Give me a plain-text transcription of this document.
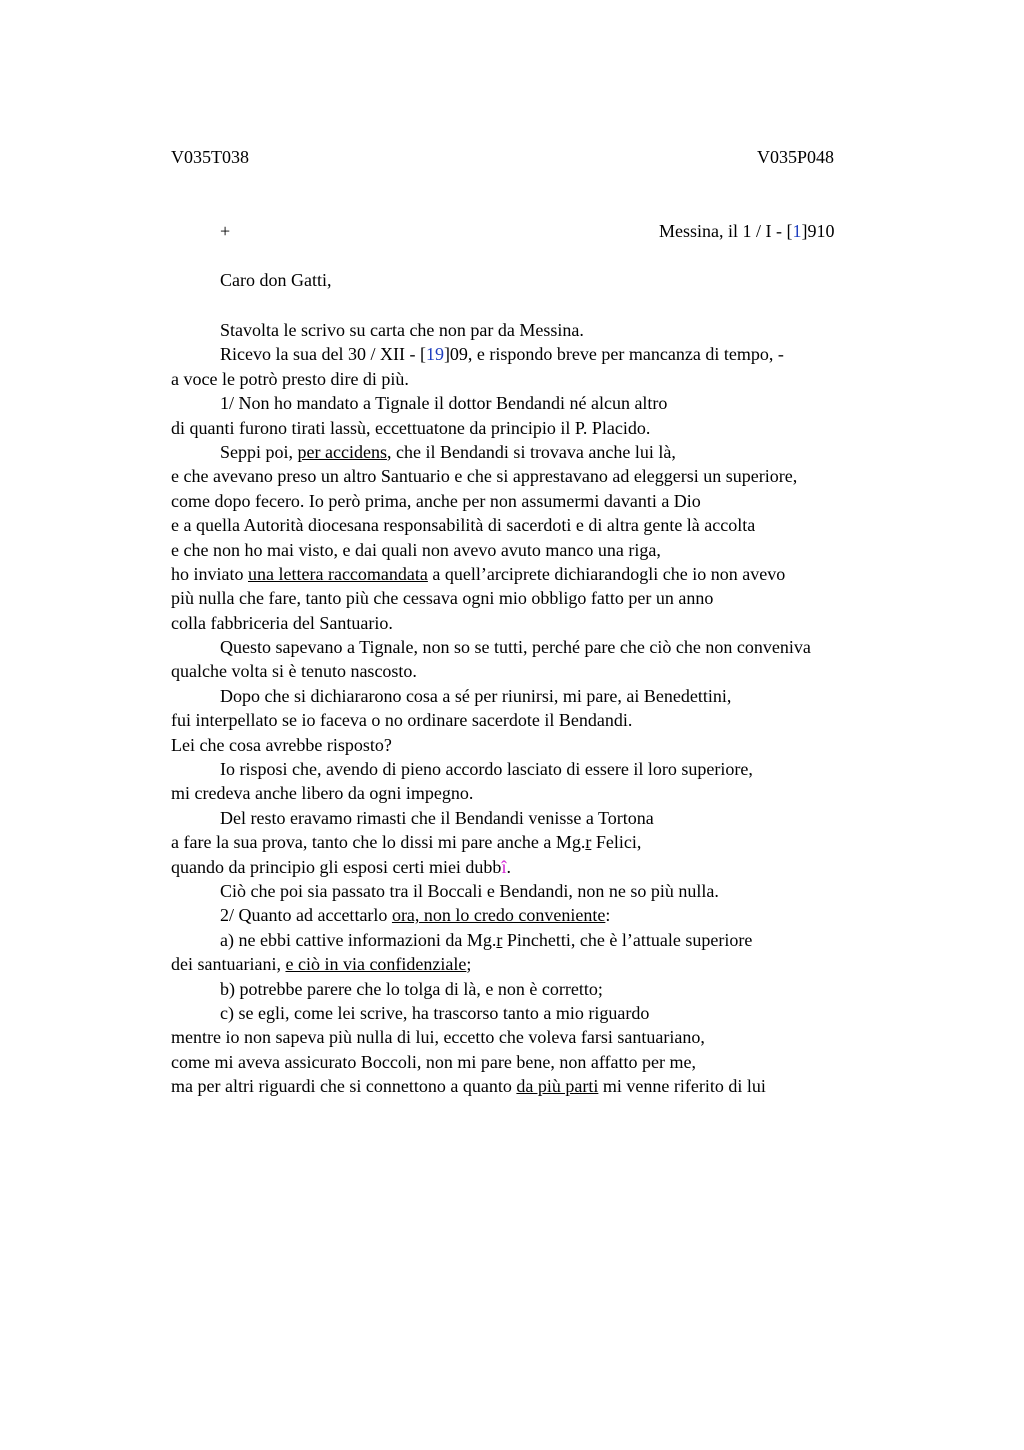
V035T038	V035P048
+	Messina, il 1 / I - [1]910
Caro don Gatti,
Stavolta le scrivo su carta che non par da Messina.
Ricevo la sua del 30 / XII - [19]09, e rispondo breve per mancanza di tempo, -
a voce le potrò presto dire di più.
1/ Non ho mandato a Tignale il dottor Bendandi né alcun altro
di quanti furono tirati lassù, eccettuatone da principio il P. Placido.
Seppi poi, per accidens, che il Bendandi si trovava anche lui là,
e che avevano preso un altro Santuario e che si apprestavano ad eleggersi un superiore,
come dopo fecero. Io però prima, anche per non assumermi davanti a Dio
e a quella Autorità diocesana responsabilità di sacerdoti e di altra gente là accolta
e che non ho mai visto, e dai quali non avevo avuto manco una riga,
ho inviato una lettera raccomandata a quell’arciprete dichiarandogli che io non avevo
più nulla che fare, tanto più che cessava ogni mio obbligo fatto per un anno
colla fabbriceria del Santuario.
Questo sapevano a Tignale, non so se tutti, perché pare che ciò che non conveniva
qualche volta si è tenuto nascosto.
Dopo che si dichiararono cosa a sé per riunirsi, mi pare, ai Benedettini,
fui interpellato se io faceva o no ordinare sacerdote il Bendandi.
Lei che cosa avrebbe risposto?
Io risposi che, avendo di pieno accordo lasciato di essere il loro superiore,
mi credeva anche libero da ogni impegno.
Del resto eravamo rimasti che il Bendandi venisse a Tortona
a fare la sua prova, tanto che lo dissi mi pare anche a Mg.r Felici,
quando da principio gli esposi certi miei dubbî.
Ciò che poi sia passato tra il Boccali e Bendandi, non ne so più nulla.
2/ Quanto ad accettarlo ora, non lo credo conveniente:
a) ne ebbi cattive informazioni da Mg.r Pinchetti, che è l’attuale superiore
dei santuariani, e ciò in via confidenziale;
b) potrebbe parere che lo tolga di là, e non è corretto;
c) se egli, come lei scrive, ha trascorso tanto a mio riguardo
mentre io non sapeva più nulla di lui, eccetto che voleva farsi santuariano,
come mi aveva assicurato Boccoli, non mi pare bene, non affatto per me,
ma per altri riguardi che si connettono a quanto da più parti mi venne riferito di lui
